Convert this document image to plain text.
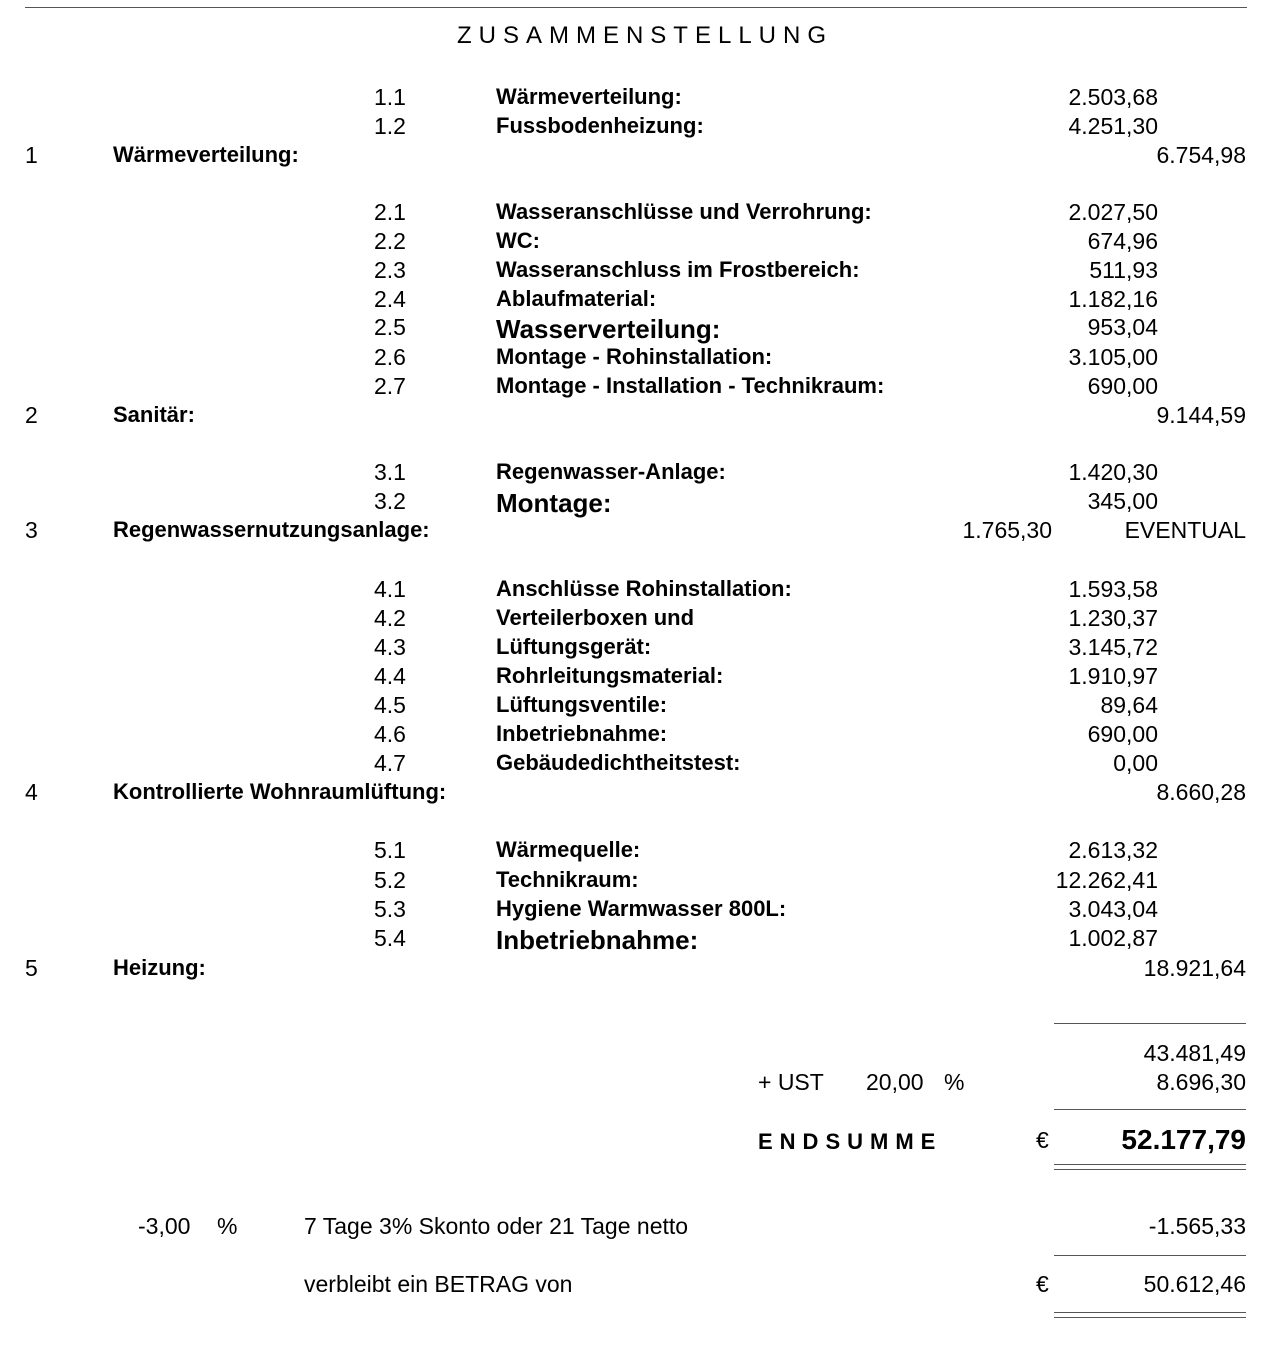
ZUSAMMENSTELLUNG
1.1	Wärmeverteilung:	2.503,68
1.2	Fussbodenheizung:	4.251,30
1	Wärmeverteilung:	6.754,98
2.1	Wasseranschlüsse und Verrohrung:	2.027,50
2.2	WC:	674,96
2.3	Wasseranschluss im Frostbereich:	511,93
2.4	Ablaufmaterial:	1.182,16
2.5	Wasserverteilung:	953,04
2.6	Montage - Rohinstallation:	3.105,00
2.7	Montage - Installation - Technikraum:	690,00
2	Sanitär:	9.144,59
3.1	Regenwasser-Anlage:	1.420,30
3.2	Montage:	345,00
3	Regenwassernutzungsanlage:	1.765,30	EVENTUAL
4.1	Anschlüsse Rohinstallation:	1.593,58
4.2	Verteilerboxen und	1.230,37
4.3	Lüftungsgerät:	3.145,72
4.4	Rohrleitungsmaterial:	1.910,97
4.5	Lüftungsventile:	89,64
4.6	Inbetriebnahme:	690,00
4.7	Gebäudedichtheitstest:	0,00
4	Kontrollierte Wohnraumlüftung:	8.660,28
5.1	Wärmequelle:	2.613,32
5.2	Technikraum:	12.262,41
5.3	Hygiene Warmwasser 800L:	3.043,04
5.4	Inbetriebnahme:	1.002,87
5	Heizung:	18.921,64
43.481,49
+ UST 20,00 %	8.696,30
ENDSUMME	€	52.177,79
-3,00 %	7 Tage 3% Skonto oder 21 Tage netto	-1.565,33
verbleibt ein BETRAG von	€	50.612,46
